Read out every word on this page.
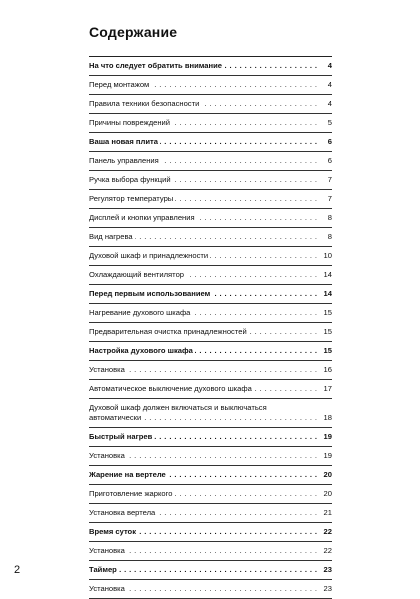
Содержание
На что следует обратить внимание . . .	4
Перед монтажом . . .	4
Правила техники безопасности . . .	4
Причины повреждений . . .	5
Ваша новая плита . . .	6
Панель управления . . .	6
Ручка выбора функций . . .	7
Регулятор температуры . . .	7
Дисплей и кнопки управления . . .	8
Вид нагрева . . .	8
Духовой шкаф и принадлежности . . .	10
Охлаждающий вентилятор . . .	14
Перед первым использованием . . .	14
Нагревание духового шкафа . . .	15
Предварительная очистка принадлежностей . . .	15
Настройка духового шкафа . . .	15
Установка . . .	16
Автоматическое выключение духового шкафа . . .	17
Духовой шкаф должен включаться и выключаться автоматически . . .	18
Быстрый нагрев . . .	19
Установка . . .	19
Жарение на вертеле . . .	20
Приготовление жаркого . . .	20
Установка вертела . . .	21
Время суток . . .	22
Установка . . .	22
Таймер . . .	23
Установка . . .	23
2
